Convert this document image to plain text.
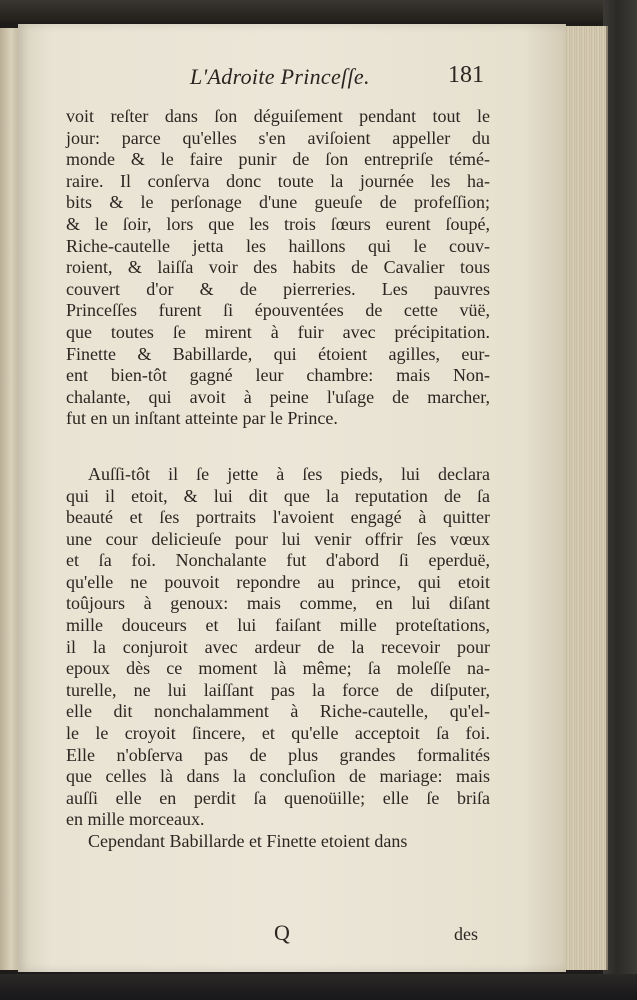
L'Adroite Princeſſe.	181
voit reſter dans ſon déguiſement pendant tout le
jour: parce qu'elles s'en aviſoient appeller du
monde & le faire punir de ſon entrepriſe témé-
raire. Il conſerva donc toute la journée les ha-
bits & le perſonage d'une gueuſe de profeſſion;
& le ſoir, lors que les trois ſœurs eurent ſoupé,
Riche-cautelle jetta les haillons qui le couv-
roient, & laiſſa voir des habits de Cavalier tous
couvert d'or & de pierreries. Les pauvres
Princeſſes furent ſi épouventées de cette vüë,
que toutes ſe mirent à fuir avec précipitation.
Finette & Babillarde, qui étoient agilles, eur-
ent bien-tôt gagné leur chambre: mais Non-
chalante, qui avoit à peine l'uſage de marcher,
fut en un inſtant atteinte par le Prince.
Auſſi-tôt il ſe jette à ſes pieds, lui declara
qui il etoit, & lui dit que la reputation de ſa
beauté et ſes portraits l'avoient engagé à quitter
une cour delicieuſe pour lui venir offrir ſes vœux
et ſa foi. Nonchalante fut d'abord ſi eperduë,
qu'elle ne pouvoit repondre au prince, qui etoit
toûjours à genoux: mais comme, en lui diſant
mille douceurs et lui faiſant mille proteſtations,
il la conjuroit avec ardeur de la recevoir pour
epoux dès ce moment là même; ſa moleſſe na-
turelle, ne lui laiſſant pas la force de diſputer,
elle dit nonchalamment à Riche-cautelle, qu'el-
le le croyoit ſincere, et qu'elle acceptoit ſa foi.
Elle n'obſerva pas de plus grandes formalités
que celles là dans la concluſion de mariage: mais
auſſi elle en perdit ſa quenoüille; elle ſe briſa
en mille morceaux.
Cependant Babillarde et Finette etoient dans
Q	des
